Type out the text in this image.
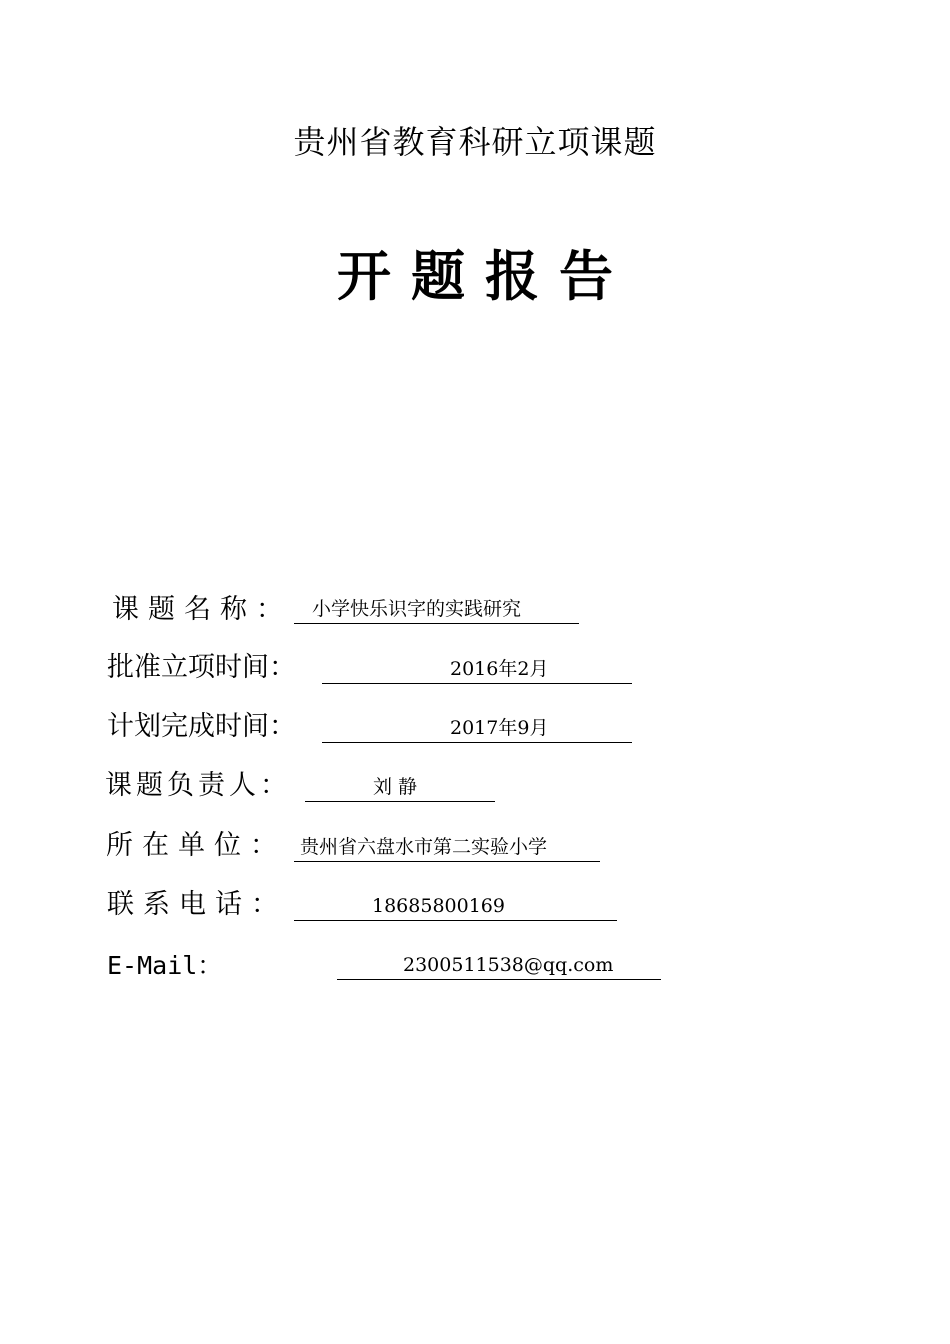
贵州省教育科研立项课题
开题报告
课题名称：	小学快乐识字的实践研究
批准立项时间：	2016年2月
计划完成时间：	2017年9月
课题负责人：	刘 静
所在单位： 贵州省六盘水市第二实验小学
联系电话：	18685800169
E-Mail：	2300511538@qq.com
